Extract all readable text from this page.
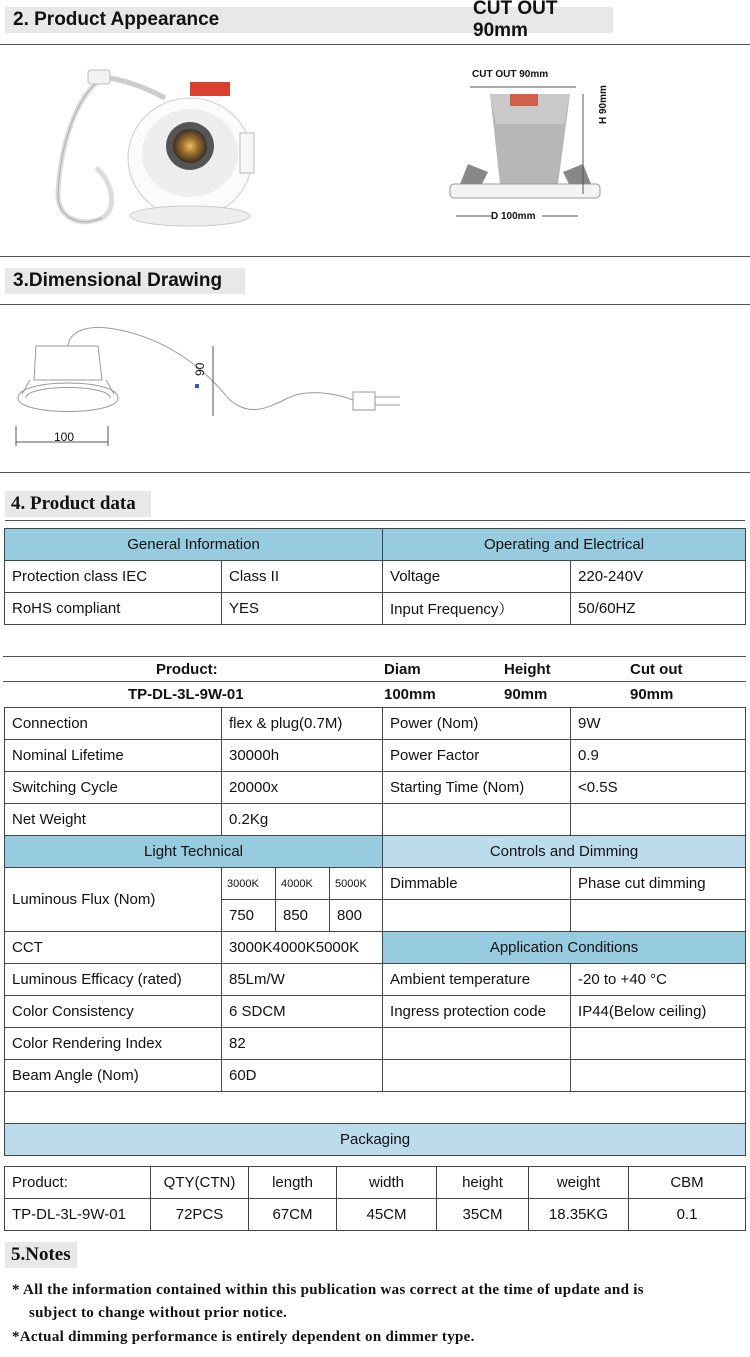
2. Product Appearance
CUT OUT 90mm
CUT OUT 90mm
H 90mm
D 100mm
3.Dimensional Drawing
90
100
4. Product data
General Information		Operating and Electrical	
Protection class IEC	Class II	Voltage	220-240V
RoHS compliant	YES	Input Frequency）	50/60HZ
Product:	Diam	Height	Cut out
TP-DL-3L-9W-01	100mm	90mm	90mm
Connection	flex & plug(0.7M)			Power (Nom)	9W
Nominal Lifetime	30000h			Power Factor	0.9
Switching Cycle	20000x			Starting Time (Nom)	<0.5S
Net Weight	0.2Kg				
Light Technical				Controls and Dimming	
Luminous Flux (Nom)	3000K	4000K	5000K	Dimmable	Phase cut dimming
	750	850	800		
CCT	3000K4000K5000K			Application Conditions	
Luminous Efficacy (rated)	85Lm/W			Ambient temperature	-20 to +40 °C
Color Consistency	6 SDCM			Ingress protection code	IP44(Below ceiling)
Color Rendering Index	82				
Beam Angle (Nom)	60D				

Packaging					
Product:	QTY(CTN)	length	width	height	weight	CBM
TP-DL-3L-9W-01	72PCS	67CM	45CM	35CM	18.35KG	0.1
5.Notes
* All the information contained within this publication was correct at the time of update and is
subject to change without prior notice.
*Actual dimming performance is entirely dependent on dimmer type.
